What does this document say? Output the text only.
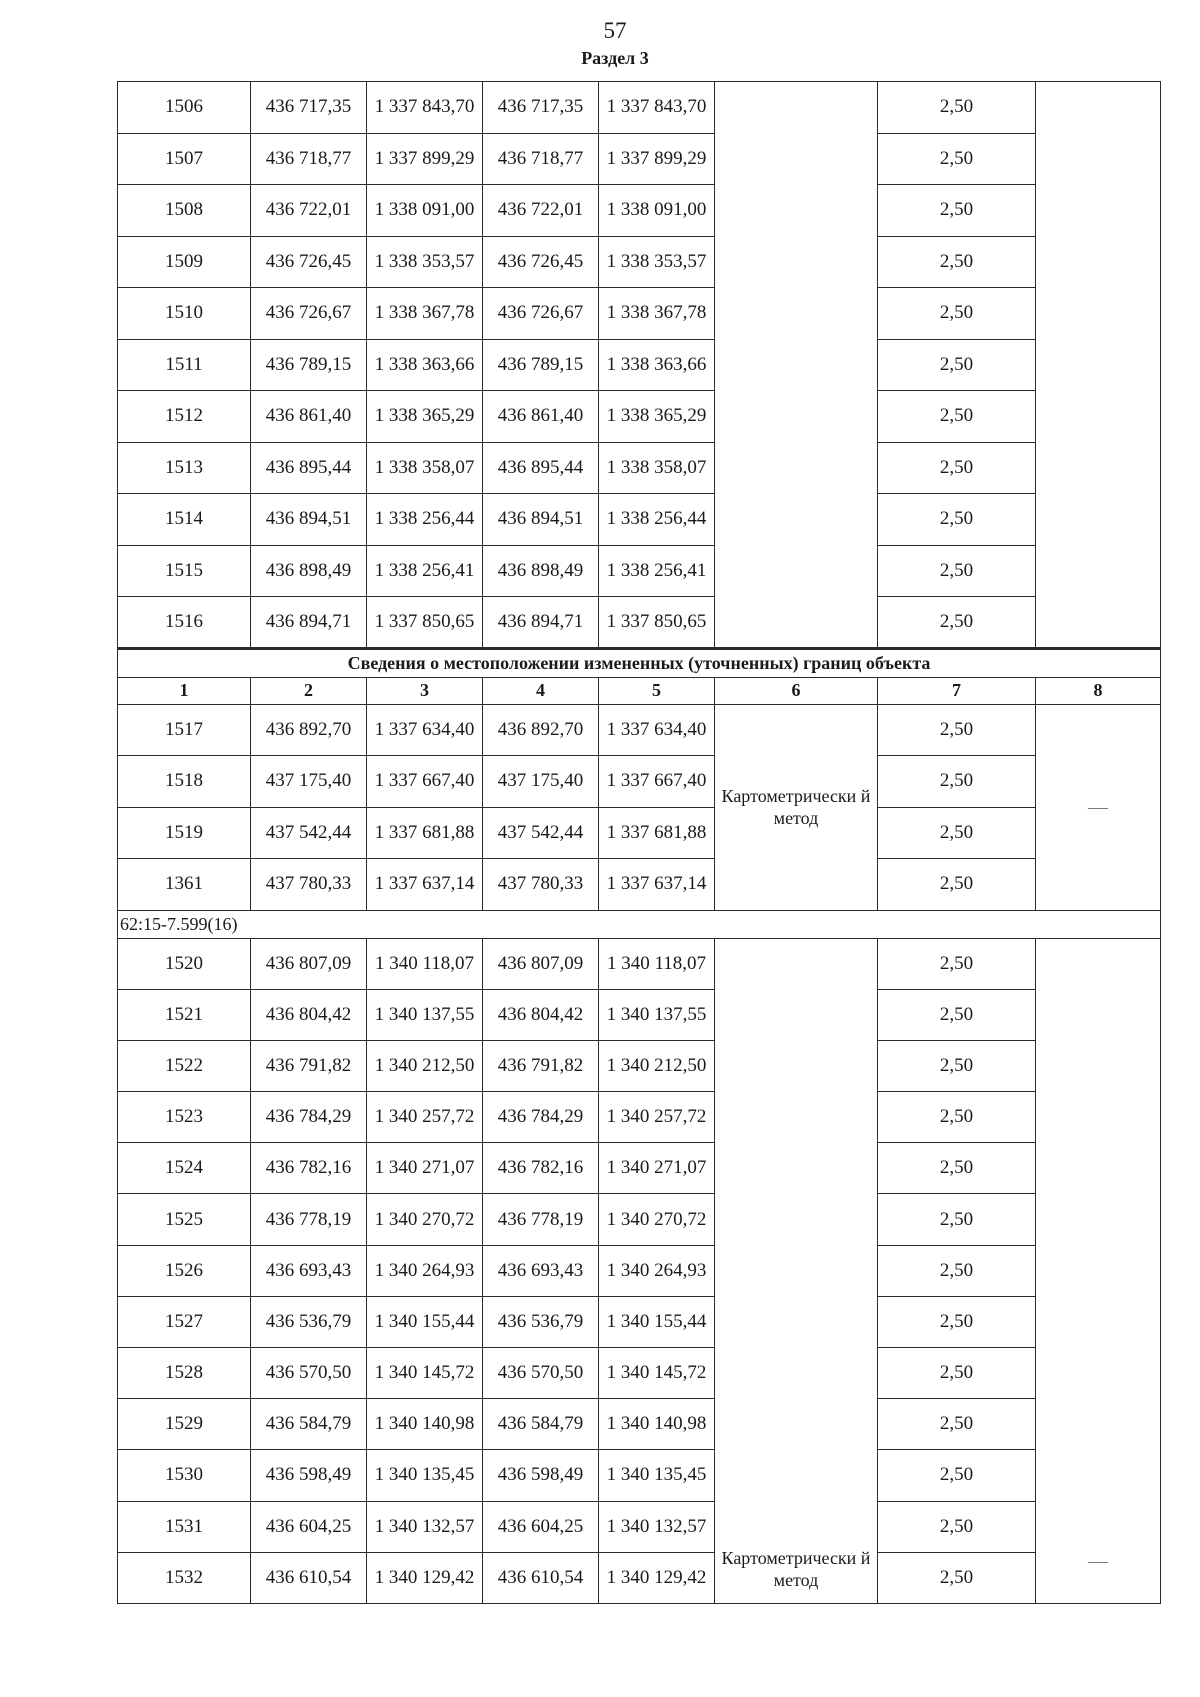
57
Раздел 3
1506	436 717,35	1 337 843,70	436 717,35	1 337 843,70		2,50	
1507	436 718,77	1 337 899,29	436 718,77	1 337 899,29		2,50	
1508	436 722,01	1 338 091,00	436 722,01	1 338 091,00		2,50	
1509	436 726,45	1 338 353,57	436 726,45	1 338 353,57		2,50	
1510	436 726,67	1 338 367,78	436 726,67	1 338 367,78		2,50	
1511	436 789,15	1 338 363,66	436 789,15	1 338 363,66		2,50	
1512	436 861,40	1 338 365,29	436 861,40	1 338 365,29		2,50	
1513	436 895,44	1 338 358,07	436 895,44	1 338 358,07		2,50	
1514	436 894,51	1 338 256,44	436 894,51	1 338 256,44		2,50	
1515	436 898,49	1 338 256,41	436 898,49	1 338 256,41		2,50	
1516	436 894,71	1 337 850,65	436 894,71	1 337 850,65		2,50	
Сведения о местоположении измененных (уточненных) границ объекта							
1	2	3	4	5	6	7	8
1517	436 892,70	1 337 634,40	436 892,70	1 337 634,40	Картометрически й метод	2,50	—
1518	437 175,40	1 337 667,40	437 175,40	1 337 667,40		2,50	
1519	437 542,44	1 337 681,88	437 542,44	1 337 681,88		2,50	
1361	437 780,33	1 337 637,14	437 780,33	1 337 637,14		2,50	
62:15-7.599(16)							
1520	436 807,09	1 340 118,07	436 807,09	1 340 118,07	Картометрически й метод	2,50	—
1521	436 804,42	1 340 137,55	436 804,42	1 340 137,55		2,50	
1522	436 791,82	1 340 212,50	436 791,82	1 340 212,50		2,50	
1523	436 784,29	1 340 257,72	436 784,29	1 340 257,72		2,50	
1524	436 782,16	1 340 271,07	436 782,16	1 340 271,07		2,50	
1525	436 778,19	1 340 270,72	436 778,19	1 340 270,72		2,50	
1526	436 693,43	1 340 264,93	436 693,43	1 340 264,93		2,50	
1527	436 536,79	1 340 155,44	436 536,79	1 340 155,44		2,50	
1528	436 570,50	1 340 145,72	436 570,50	1 340 145,72		2,50	
1529	436 584,79	1 340 140,98	436 584,79	1 340 140,98		2,50	
1530	436 598,49	1 340 135,45	436 598,49	1 340 135,45		2,50	
1531	436 604,25	1 340 132,57	436 604,25	1 340 132,57		2,50	
1532	436 610,54	1 340 129,42	436 610,54	1 340 129,42		2,50	
